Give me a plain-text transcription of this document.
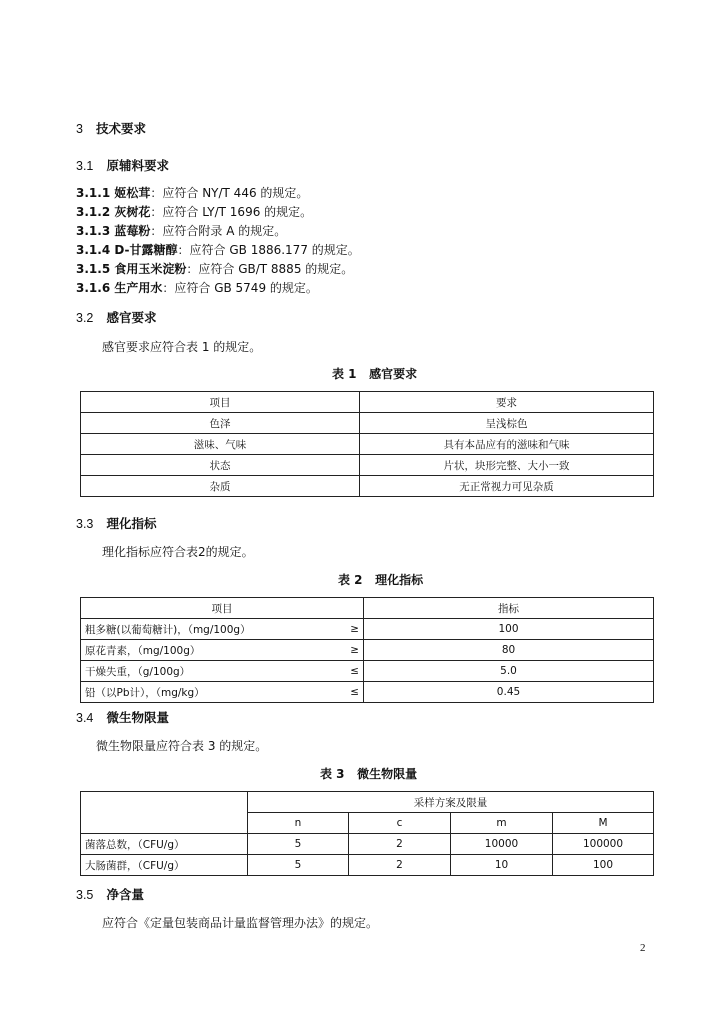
3 技术要求
3.1 原辅料要求
3.1.1 姬松茸：应符合 NY/T 446 的规定。
3.1.2 灰树花：应符合 LY/T 1696 的规定。
3.1.3 蓝莓粉：应符合附录 A 的规定。
3.1.4 D-甘露糖醇：应符合 GB 1886.177 的规定。
3.1.5 食用玉米淀粉：应符合 GB/T 8885 的规定。
3.1.6 生产用水：应符合 GB 5749 的规定。
3.2 感官要求
感官要求应符合表 1 的规定。
表 1 感官要求
项目	要求
色泽	呈浅棕色
滋味、气味	具有本品应有的滋味和气味
状态	片状，块形完整、大小一致
杂质	无正常视力可见杂质
3.3 理化指标
理化指标应符合表2的规定。
表 2 理化指标
项目		指标
粗多糖(以葡萄糖计)，（mg/100g）	≥	100
原花青素，（mg/100g）	≥	80
干燥失重，（g/100g）	≤	5.0
铅（以Pb计），（mg/kg）	≤	0.45
3.4 微生物限量
微生物限量应符合表 3 的规定。
表 3 微生物限量
	采样方案及限量			
	n	c	m	M
菌落总数，（CFU/g）	5	2	10000	100000
大肠菌群，（CFU/g）	5	2	10	100
3.5 净含量
应符合《定量包装商品计量监督管理办法》的规定。
2
